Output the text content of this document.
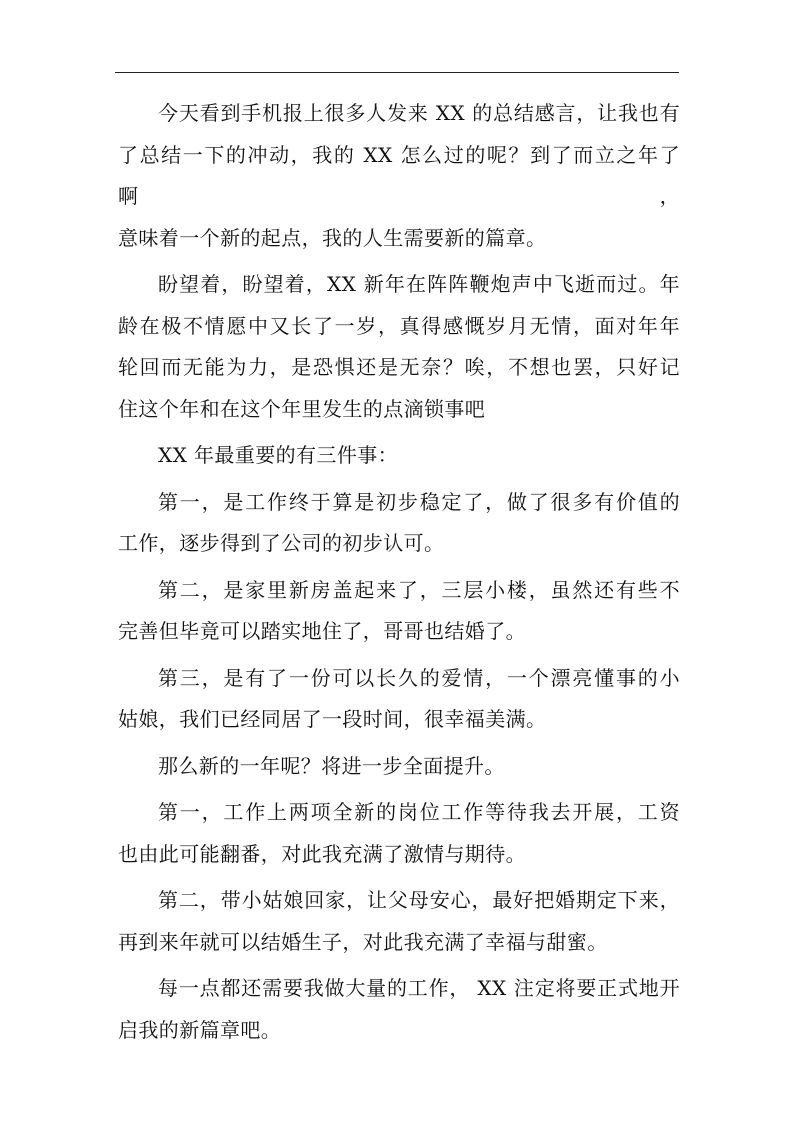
今天看到手机报上很多人发来 XX 的总结感言，让我也有
了总结一下的冲动，我的 XX 怎么过的呢？到了而立之年了啊，
意味着一个新的起点，我的人生需要新的篇章。
盼望着，盼望着，XX 新年在阵阵鞭炮声中飞逝而过。年
龄在极不情愿中又长了一岁，真得感慨岁月无情，面对年年
轮回而无能为力，是恐惧还是无奈？唉，不想也罢，只好记
住这个年和在这个年里发生的点滴锁事吧
XX 年最重要的有三件事：
第一，是工作终于算是初步稳定了，做了很多有价值的
工作，逐步得到了公司的初步认可。
第二，是家里新房盖起来了，三层小楼，虽然还有些不
完善但毕竟可以踏实地住了，哥哥也结婚了。
第三，是有了一份可以长久的爱情，一个漂亮懂事的小
姑娘，我们已经同居了一段时间，很幸福美满。
那么新的一年呢？将进一步全面提升。
第一，工作上两项全新的岗位工作等待我去开展，工资
也由此可能翻番，对此我充满了激情与期待。
第二，带小姑娘回家，让父母安心，最好把婚期定下来，
再到来年就可以结婚生子，对此我充满了幸福与甜蜜。
每一点都还需要我做大量的工作， XX 注定将要正式地开
启我的新篇章吧。
